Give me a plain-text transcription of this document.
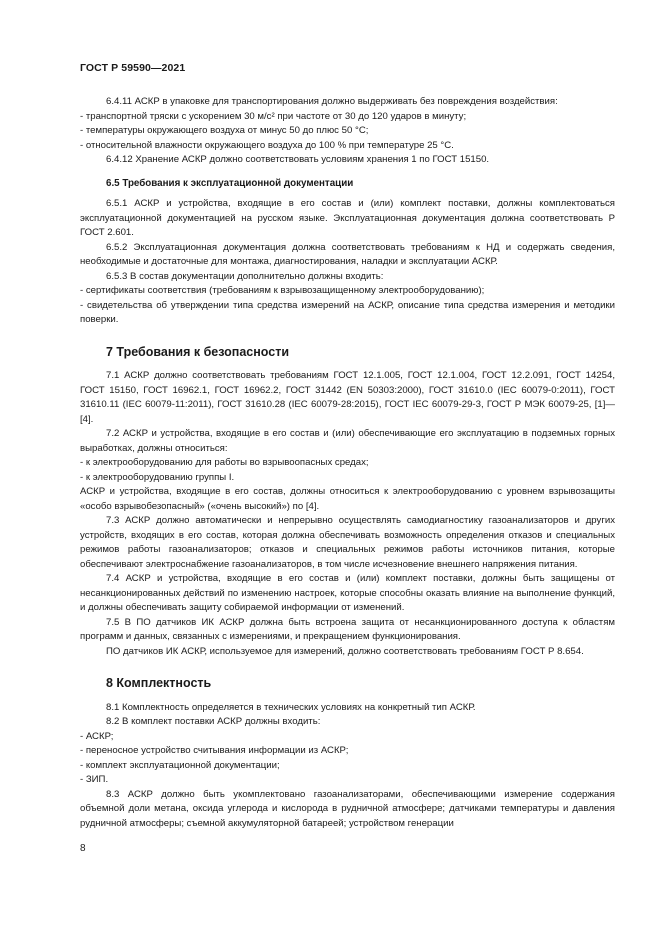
ГОСТ Р 59590—2021
6.4.11 АСКР в упаковке для транспортирования должно выдерживать без повреждения воздействия:
- транспортной тряски с ускорением 30 м/с² при частоте от 30 до 120 ударов в минуту;
- температуры окружающего воздуха от минус 50 до плюс 50 °С;
- относительной влажности окружающего воздуха до 100 % при температуре 25 °С.
6.4.12 Хранение АСКР должно соответствовать условиям хранения 1 по ГОСТ 15150.
6.5 Требования к эксплуатационной документации
6.5.1 АСКР и устройства, входящие в его состав и (или) комплект поставки, должны комплектоваться эксплуатационной документацией на русском языке. Эксплуатационная документация должна соответствовать Р ГОСТ 2.601.
6.5.2 Эксплуатационная документация должна соответствовать требованиям к НД и содержать сведения, необходимые и достаточные для монтажа, диагностирования, наладки и эксплуатации АСКР.
6.5.3 В состав документации дополнительно должны входить:
- сертификаты соответствия (требованиям к взрывозащищенному электрооборудованию);
- свидетельства об утверждении типа средства измерений на АСКР, описание типа средства измерения и методики поверки.
7 Требования к безопасности
7.1 АСКР должно соответствовать требованиям ГОСТ 12.1.005, ГОСТ 12.1.004, ГОСТ 12.2.091, ГОСТ 14254, ГОСТ 15150, ГОСТ 16962.1, ГОСТ 16962.2, ГОСТ 31442 (EN 50303:2000), ГОСТ 31610.0 (IEC 60079-0:2011), ГОСТ 31610.11 (IEC 60079-11:2011), ГОСТ 31610.28 (IEC 60079-28:2015), ГОСТ IEC 60079-29-3, ГОСТ Р МЭК 60079-25, [1]—[4].
7.2 АСКР и устройства, входящие в его состав и (или) обеспечивающие его эксплуатацию в подземных горных выработках, должны относиться:
- к электрооборудованию для работы во взрывоопасных средах;
- к электрооборудованию группы I.
АСКР и устройства, входящие в его состав, должны относиться к электрооборудованию с уровнем взрывозащиты «особо взрывобезопасный» («очень высокий») по [4].
7.3 АСКР должно автоматически и непрерывно осуществлять самодиагностику газоанализаторов и других устройств, входящих в его состав, которая должна обеспечивать возможность определения отказов и специальных режимов работы газоанализаторов; отказов и специальных режимов работы источников питания, которые обеспечивают электроснабжение газоанализаторов, в том числе исчезновение внешнего напряжения питания.
7.4 АСКР и устройства, входящие в его состав и (или) комплект поставки, должны быть защищены от несанкционированных действий по изменению настроек, которые способны оказать влияние на выполнение функций, и должны обеспечивать защиту собираемой информации от изменений.
7.5 В ПО датчиков ИК АСКР должна быть встроена защита от несанкционированного доступа к областям программ и данных, связанных с измерениями, и прекращением функционирования.
ПО датчиков ИК АСКР, используемое для измерений, должно соответствовать требованиям ГОСТ Р 8.654.
8 Комплектность
8.1 Комплектность определяется в технических условиях на конкретный тип АСКР.
8.2 В комплект поставки АСКР должны входить:
- АСКР;
- переносное устройство считывания информации из АСКР;
- комплект эксплуатационной документации;
- ЗИП.
8.3 АСКР должно быть укомплектовано газоанализаторами, обеспечивающими измерение содержания объемной доли метана, оксида углерода и кислорода в рудничной атмосфере; датчиками температуры и давления рудничной атмосферы; съемной аккумуляторной батареей; устройством генерации
8
